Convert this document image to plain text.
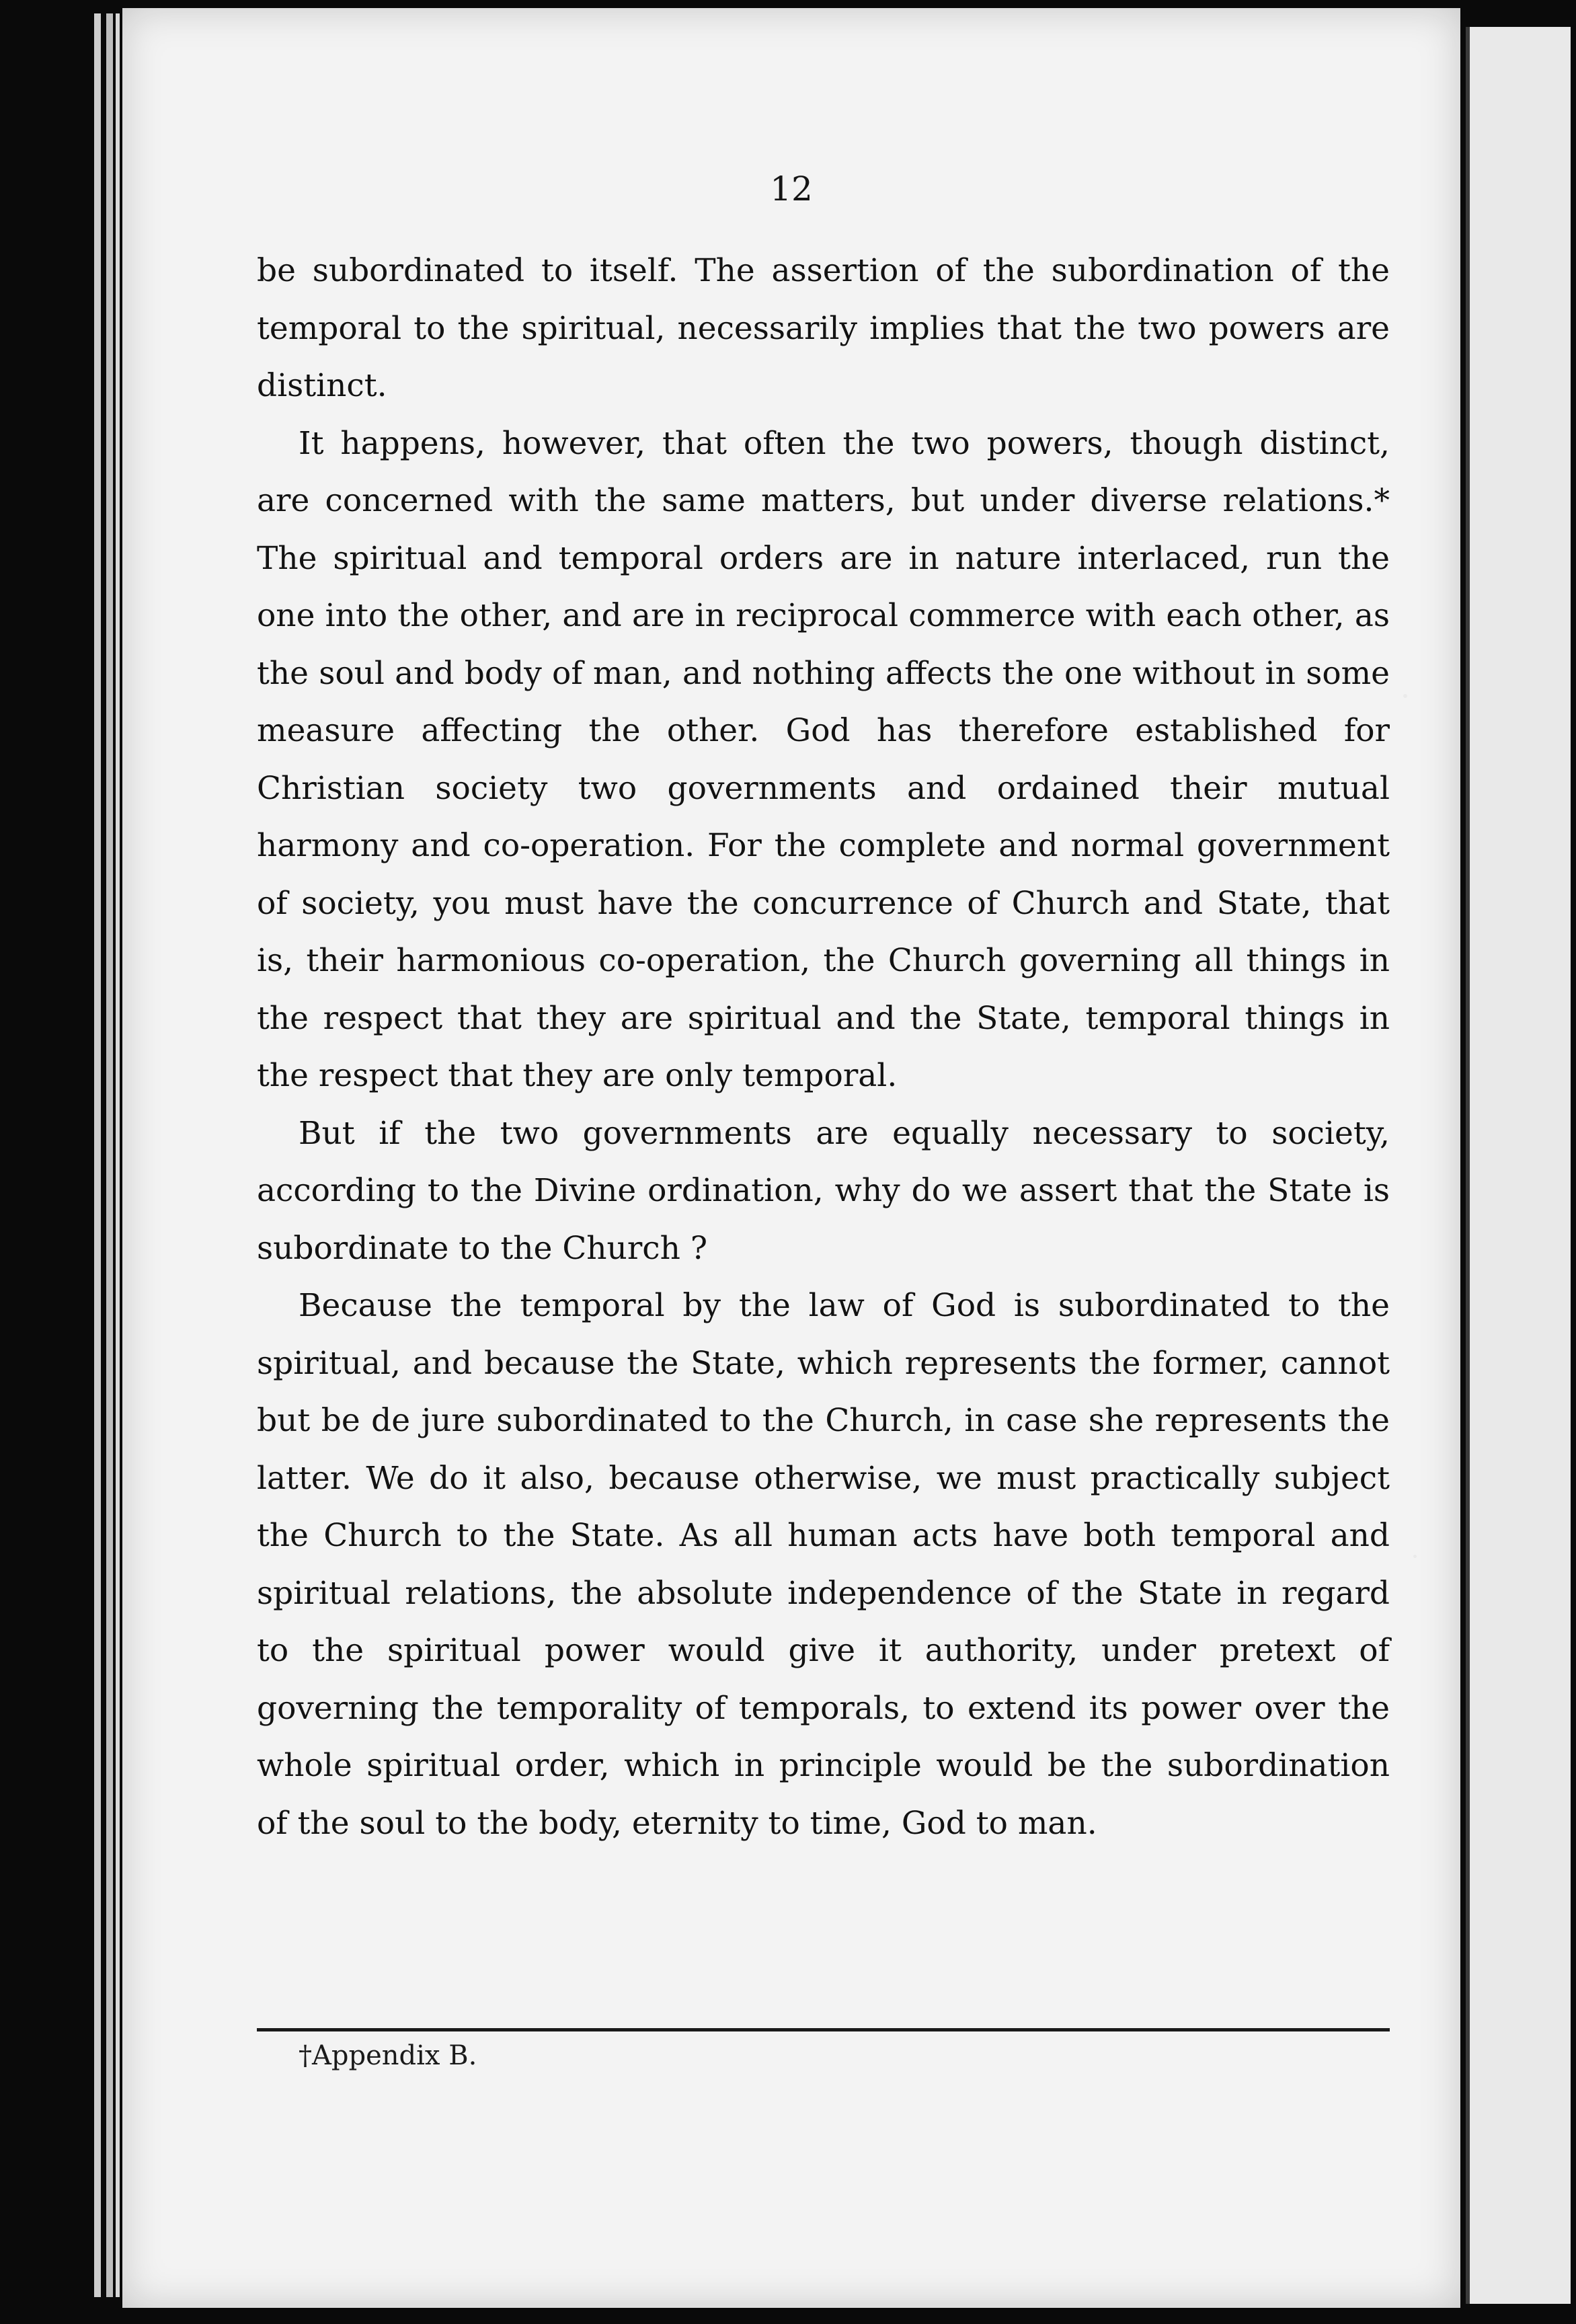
12

be subordinated to itself. The assertion of the subordination of the temporal to the spiritual, necessarily implies that the two powers are distinct.

It happens, however, that often the two powers, though distinct, are concerned with the same matters, but under diverse relations.* The spiritual and temporal orders are in nature interlaced, run the one into the other, and are in reciprocal commerce with each other, as the soul and body of man, and nothing affects the one without in some measure affecting the other. God has therefore established for Christian society two governments and ordained their mutual harmony and co-operation. For the complete and normal government of society, you must have the concurrence of Church and State, that is, their harmonious co-operation, the Church governing all things in the respect that they are spiritual and the State, temporal things in the respect that they are only temporal.

But if the two governments are equally necessary to society, according to the Divine ordination, why do we assert that the State is subordinate to the Church ?

Because the temporal by the law of God is subordinated to the spiritual, and because the State, which represents the former, cannot but be de jure subordinated to the Church, in case she represents the latter. We do it also, because otherwise, we must practically subject the Church to the State. As all human acts have both temporal and spiritual relations, the absolute independence of the State in regard to the spiritual power would give it authority, under pretext of governing the temporality of temporals, to extend its power over the whole spiritual order, which in principle would be the subordination of the soul to the body, eternity to time, God to man.

†Appendix B.
